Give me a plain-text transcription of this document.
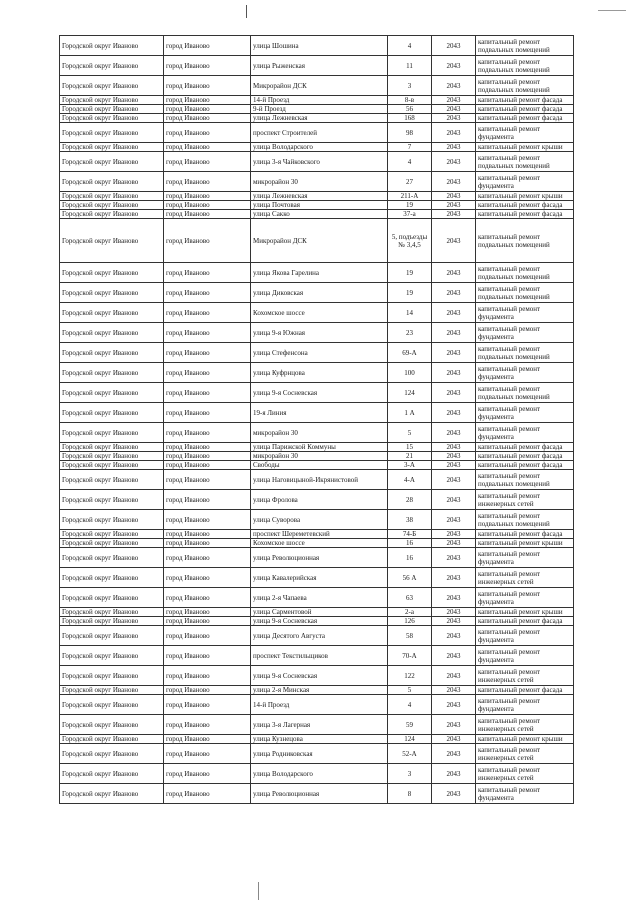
Городской округ Иваново	город Иваново	улица Шошина	4	2043	капитальный ремонт подвальных помещений
Городской округ Иваново	город Иваново	улица Рыженская	11	2043	капитальный ремонт подвальных помещений
Городской округ Иваново	город Иваново	Микрорайон ДСК	3	2043	капитальный ремонт подвальных помещений
Городской округ Иваново	город Иваново	14-й Проезд	8-в	2043	капитальный ремонт фасада
Городской округ Иваново	город Иваново	9-й Проезд	56	2043	капитальный ремонт фасада
Городской округ Иваново	город Иваново	улица Лежневская	168	2043	капитальный ремонт фасада
Городской округ Иваново	город Иваново	проспект Строителей	98	2043	капитальный ремонт фундамента
Городской округ Иваново	город Иваново	улица Володарского	7	2043	капитальный ремонт крыши
Городской округ Иваново	город Иваново	улица 3-я Чайковского	4	2043	капитальный ремонт подвальных помещений
Городской округ Иваново	город Иваново	микрорайон 30	27	2043	капитальный ремонт фундамента
Городской округ Иваново	город Иваново	улица Лежневская	211-А	2043	капитальный ремонт крыши
Городской округ Иваново	город Иваново	улица Почтовая	19	2043	капитальный ремонт фасада
Городской округ Иваново	город Иваново	улица Сакко	37-а	2043	капитальный ремонт фасада
Городской округ Иваново	город Иваново	Микрорайон ДСК	5, подъезды № 3,4,5	2043	капитальный ремонт подвальных помещений
Городской округ Иваново	город Иваново	улица Якова Гарелина	19	2043	капитальный ремонт подвальных помещений
Городской округ Иваново	город Иваново	улица Диковская	19	2043	капитальный ремонт подвальных помещений
Городской округ Иваново	город Иваново	Кохомское шоссе	14	2043	капитальный ремонт фундамента
Городской округ Иваново	город Иваново	улица 9-я Южная	23	2043	капитальный ремонт фундамента
Городской округ Иваново	город Иваново	улица Стефенсона	69-А	2043	капитальный ремонт подвальных помещений
Городской округ Иваново	город Иваново	улица Куфрнцова	100	2043	капитальный ремонт фундамента
Городской округ Иваново	город Иваново	улица 9-я Сосневская	124	2043	капитальный ремонт подвальных помещений
Городской округ Иваново	город Иваново	19-я Линия	1 А	2043	капитальный ремонт фундамента
Городской округ Иваново	город Иваново	микрорайон 30	5	2043	капитальный ремонт фундамента
Городской округ Иваново	город Иваново	улица Парижской Коммуны	15	2043	капитальный ремонт фасада
Городской округ Иваново	город Иваново	микрорайон 30	21	2043	капитальный ремонт фасада
Городской округ Иваново	город Иваново	Свободы	3-А	2043	капитальный ремонт фасада
Городской округ Иваново	город Иваново	улица Наговицыной-Икрянистовой	4-А	2043	капитальный ремонт подвальных помещений
Городской округ Иваново	город Иваново	улица Фролова	28	2043	капитальный ремонт инженерных сетей
Городской округ Иваново	город Иваново	улица Суворова	38	2043	капитальный ремонт подвальных помещений
Городской округ Иваново	город Иваново	проспект Шереметевский	74-Б	2043	капитальный ремонт фасада
Городской округ Иваново	город Иваново	Кохомское шоссе	16	2043	капитальный ремонт крыши
Городской округ Иваново	город Иваново	улица Революционная	16	2043	капитальный ремонт фундамента
Городской округ Иваново	город Иваново	улица Кавалерийская	56 А	2043	капитальный ремонт инженерных сетей
Городской округ Иваново	город Иваново	улица 2-я Чапаева	63	2043	капитальный ремонт фундамента
Городской округ Иваново	город Иваново	улица Сарментовой	2-а	2043	капитальный ремонт крыши
Городской округ Иваново	город Иваново	улица 9-я Сосневская	126	2043	капитальный ремонт фасада
Городской округ Иваново	город Иваново	улица Десятого Августа	58	2043	капитальный ремонт фундамента
Городской округ Иваново	город Иваново	проспект Текстильщиков	70-А	2043	капитальный ремонт фундамента
Городской округ Иваново	город Иваново	улица 9-я Сосневская	122	2043	капитальный ремонт инженерных сетей
Городской округ Иваново	город Иваново	улица 2-я Минская	5	2043	капитальный ремонт фасада
Городской округ Иваново	город Иваново	14-й Проезд	4	2043	капитальный ремонт фундамента
Городской округ Иваново	город Иваново	улица 3-я Лагерная	59	2043	капитальный ремонт инженерных сетей
Городской округ Иваново	город Иваново	улица Кузнецова	124	2043	капитальный ремонт крыши
Городской округ Иваново	город Иваново	улица Родниковская	52-А	2043	капитальный ремонт инженерных сетей
Городской округ Иваново	город Иваново	улица Володарского	3	2043	капитальный ремонт инженерных сетей
Городской округ Иваново	город Иваново	улица Революционная	8	2043	капитальный ремонт фундамента
